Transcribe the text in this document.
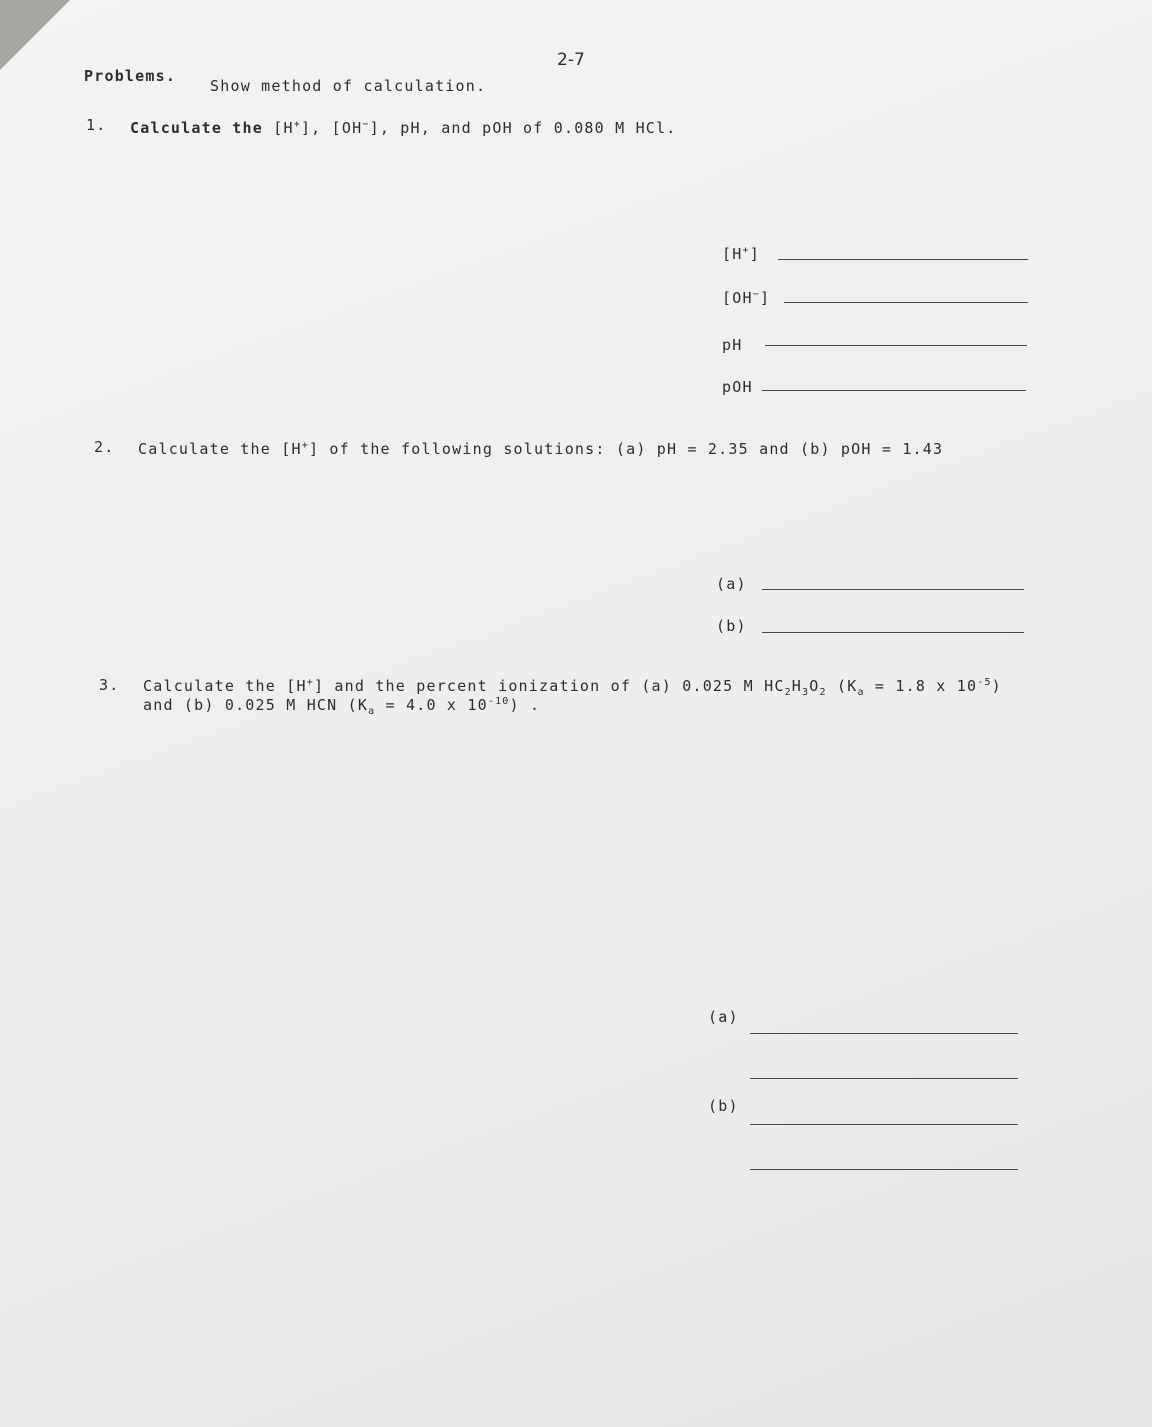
2-7
Problems.
Show method of calculation.
1. Calculate the [H+], [OH−], pH, and pOH of 0.080 M HCl.
[H+]
[OH−]
pH
pOH
2. Calculate the [H+] of the following solutions: (a) pH = 2.35 and (b) pOH = 1.43
(a)
(b)
3. Calculate the [H+] and the percent ionization of (a) 0.025 M $HC_2H_3O_2$ ($K_a = 1.8$ x $10^{-5}$)
and (b) 0.025 M HCN ($K_a = 4.0$ x $10^{-10}$) .
(a)
(b)
